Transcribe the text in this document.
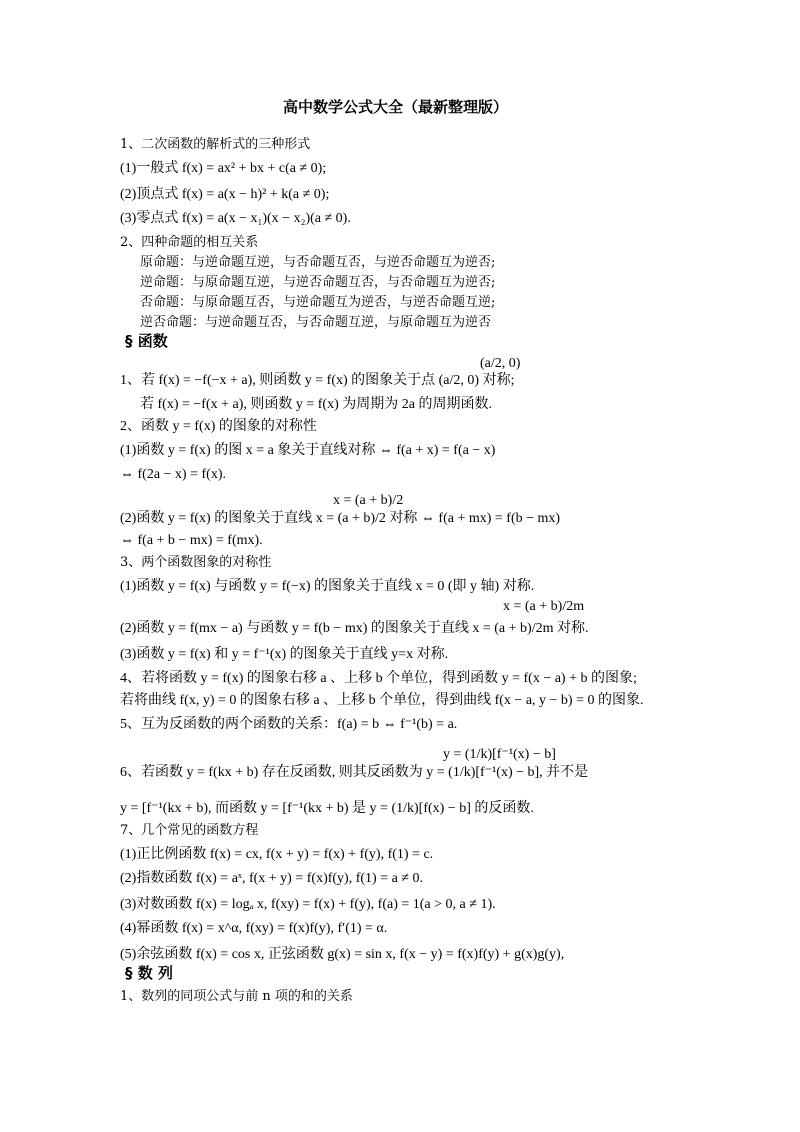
高中数学公式大全（最新整理版）
1、二次函数的解析式的三种形式
(1)一般式 f(x) = ax² + bx + c(a ≠ 0);
(2)顶点式 f(x) = a(x − h)² + k(a ≠ 0);
(3)零点式 f(x) = a(x − x₁)(x − x₂)(a ≠ 0).
2、四种命题的相互关系
原命题：与逆命题互逆，与否命题互否，与逆否命题互为逆否;
逆命题：与原命题互逆，与逆否命题互否，与否命题互为逆否;
否命题：与原命题互否，与逆命题互为逆否，与逆否命题互逆;
逆否命题：与逆命题互否，与否命题互逆，与原命题互为逆否
§ 函数
(a/2, 0)
1、若 f(x) = −f(−x + a), 则函数 y = f(x) 的图象关于点 (a/2, 0) 对称;
若 f(x) = −f(x + a), 则函数 y = f(x) 为周期为 2a 的周期函数.
2、函数 y = f(x) 的图象的对称性
(1)函数 y = f(x) 的图 x = a 象关于直线对称 ⇔ f(a + x) = f(a − x)
⇔ f(2a − x) = f(x).
x = (a + b)/2
(2)函数 y = f(x) 的图象关于直线 x = (a + b)/2 对称 ⇔ f(a + mx) = f(b − mx)
⇔ f(a + b − mx) = f(mx).
3、两个函数图象的对称性
(1)函数 y = f(x) 与函数 y = f(−x) 的图象关于直线 x = 0 (即 y 轴) 对称.
x = (a + b)/2m
(2)函数 y = f(mx − a) 与函数 y = f(b − mx) 的图象关于直线 x = (a + b)/2m 对称.
(3)函数 y = f(x) 和 y = f⁻¹(x) 的图象关于直线 y=x 对称.
4、若将函数 y = f(x) 的图象右移 a 、上移 b 个单位，得到函数 y = f(x − a) + b 的图象;
若将曲线 f(x, y) = 0 的图象右移 a 、上移 b 个单位，得到曲线 f(x − a, y − b) = 0 的图象.
5、互为反函数的两个函数的关系：f(a) = b ⇔ f⁻¹(b) = a.
y = (1/k)[f⁻¹(x) − b]
6、若函数 y = f(kx + b) 存在反函数, 则其反函数为 y = (1/k)[f⁻¹(x) − b], 并不是
y = [f⁻¹(kx + b), 而函数 y = [f⁻¹(kx + b) 是 y = (1/k)[f(x) − b] 的反函数.
7、几个常见的函数方程
(1)正比例函数 f(x) = cx, f(x + y) = f(x) + f(y), f(1) = c.
(2)指数函数 f(x) = aˣ, f(x + y) = f(x)f(y), f(1) = a ≠ 0.
(3)对数函数 f(x) = logₐ x, f(xy) = f(x) + f(y), f(a) = 1(a > 0, a ≠ 1).
(4)幂函数 f(x) = x^α, f(xy) = f(x)f(y), f′(1) = α.
(5)余弦函数 f(x) = cos x, 正弦函数 g(x) = sin x, f(x − y) = f(x)f(y) + g(x)g(y),
§ 数 列
1、数列的同项公式与前 n 项的和的关系
